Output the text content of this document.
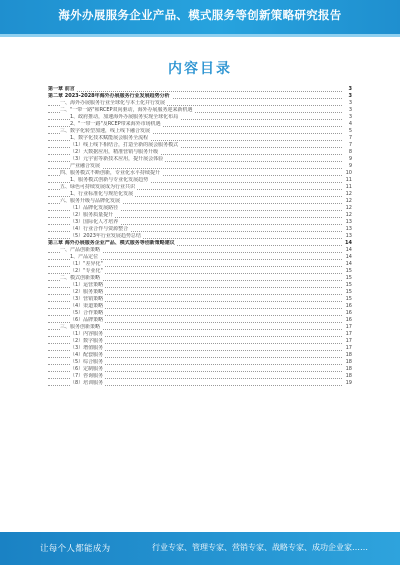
海外办展服务企业产品、模式服务等创新策略研究报告
内容目录
第一章 前言	3
第二章 2023-2028年海外办展服务行业发展趋势分析	3
一、海外办展服务行业全球化与本土化并行发展	3
二、"一带一路"和RCEP双向驱动，海外办展服务迎来新机遇	3
1、政府推动，加速海外办展服务实现全球化布局	3
2、"一带一路"及RCEP带来海外市场机遇	4
三、数字化转型加速，线上线下融合发展	5
1、数字化技术赋能展会服务全流程	7
（1）线上线下相结合，打造全新的展会服务模式	7
（2）大数据应用，精准营销与服务升级	8
（3）元宇宙等新技术应用，提升展会体验	9
产业融合发展	9
四、服务模式不断创新，专业化水平持续提升	10
1、服务模式创新与专业化发展趋势	11
五、绿色可持续发展成为行业共识	11
1、行业标准化与规范化发展	12
六、服务升级与品牌化发展	12
（1）品牌化发展路径	12
（2）服务质量提升	12
（3）国际化人才培养	13
（4）行业合作与资源整合	13
（5）2023年行业发展趋势总结	13
第三章 海外办展服务企业产品、模式服务等创新策略建议	14
一、产品创新策略	14
1、产品定位	14
（1）"差异化"	14
（2）"专业化"	15
二、模式创新策略	15
（1）运营策略	15
（2）服务策略	15
（3）营销策略	15
（4）渠道策略	16
（5）合作策略	16
（6）品牌策略	16
三、服务创新策略	17
（1）内容服务	17
（2）数字服务	17
（3）增值服务	17
（4）配套服务	18
（5）综合服务	18
（6）定制服务	18
（7）咨询服务	18
（8）培训服务	19
让每个人都能成为	行业专家、管理专家、营销专家、战略专家、成功企业家……
